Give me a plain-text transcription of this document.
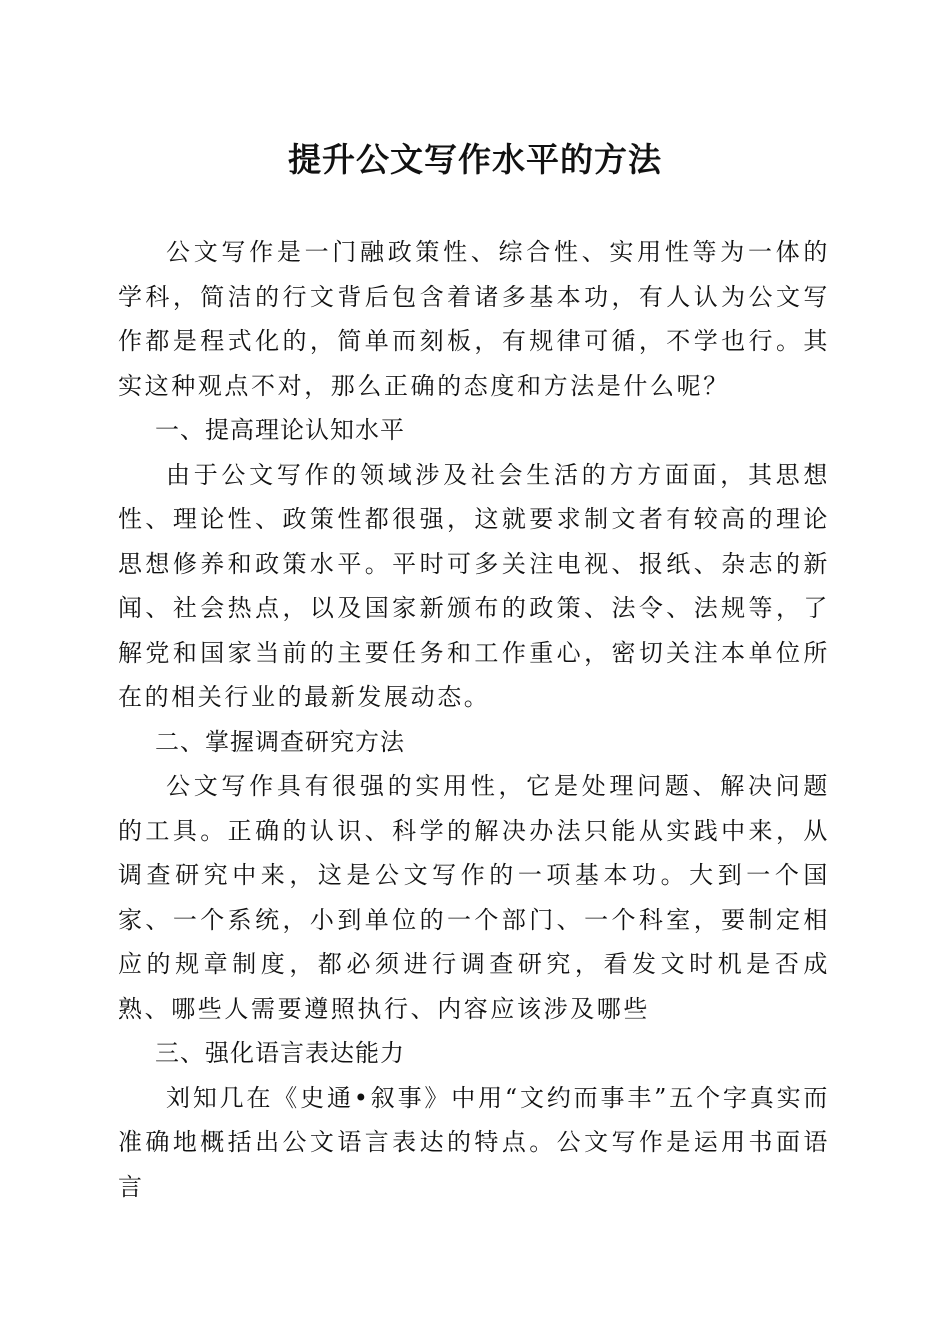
提升公文写作水平的方法

公文写作是一门融政策性、综合性、实用性等为一体的学科，简洁的行文背后包含着诸多基本功，有人认为公文写作都是程式化的，简单而刻板，有规律可循，不学也行。其实这种观点不对，那么正确的态度和方法是什么呢？

一、提高理论认知水平

由于公文写作的领域涉及社会生活的方方面面，其思想性、理论性、政策性都很强，这就要求制文者有较高的理论思想修养和政策水平。平时可多关注电视、报纸、杂志的新闻、社会热点，以及国家新颁布的政策、法令、法规等，了解党和国家当前的主要任务和工作重心，密切关注本单位所在的相关行业的最新发展动态。

二、掌握调查研究方法

公文写作具有很强的实用性，它是处理问题、解决问题的工具。正确的认识、科学的解决办法只能从实践中来，从调查研究中来，这是公文写作的一项基本功。大到一个国家、一个系统，小到单位的一个部门、一个科室，要制定相应的规章制度，都必须进行调查研究，看发文时机是否成熟、哪些人需要遵照执行、内容应该涉及哪些

三、强化语言表达能力

刘知几在《史通•叙事》中用“文约而事丰”五个字真实而准确地概括出公文语言表达的特点。公文写作是运用书面语言
